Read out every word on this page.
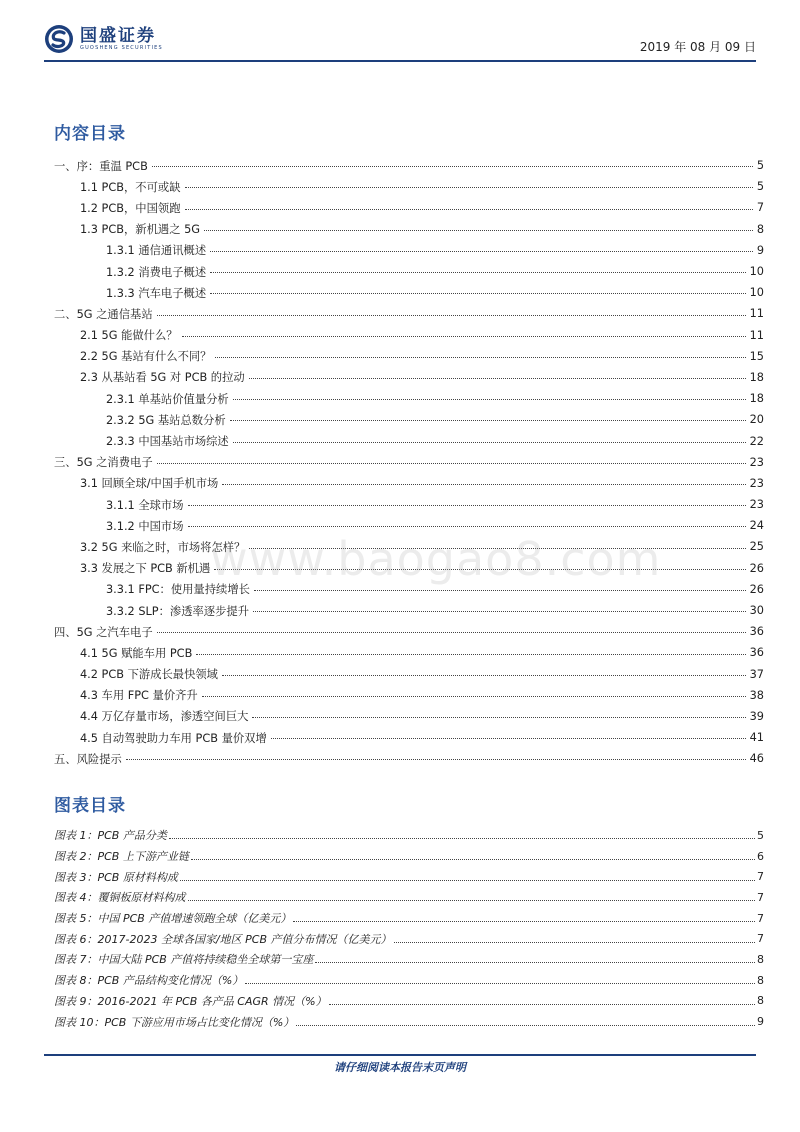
国盛证券
GUOSHENG SECURITIES	2019 年 08 月 09 日
内容目录
一、序：重温 PCB	5
1.1 PCB，不可或缺	5
1.2 PCB，中国领跑	7
1.3 PCB，新机遇之 5G	8
1.3.1 通信通讯概述	9
1.3.2 消费电子概述	10
1.3.3 汽车电子概述	10
二、5G 之通信基站	11
2.1 5G 能做什么？	11
2.2 5G 基站有什么不同？	15
2.3 从基站看 5G 对 PCB 的拉动	18
2.3.1 单基站价值量分析	18
2.3.2 5G 基站总数分析	20
2.3.3 中国基站市场综述	22
三、5G 之消费电子	23
3.1 回顾全球/中国手机市场	23
3.1.1 全球市场	23
3.1.2 中国市场	24
3.2 5G 来临之时，市场将怎样？	25
3.3 发展之下 PCB 新机遇	26
3.3.1 FPC：使用量持续增长	26
3.3.2 SLP：渗透率逐步提升	30
四、5G 之汽车电子	36
4.1 5G 赋能车用 PCB	36
4.2 PCB 下游成长最快领域	37
4.3 车用 FPC 量价齐升	38
4.4 万亿存量市场，渗透空间巨大	39
4.5 自动驾驶助力车用 PCB 量价双增	41
五、风险提示	46
图表目录
图表 1：PCB 产品分类	5
图表 2：PCB 上下游产业链	6
图表 3：PCB 原材料构成	7
图表 4：覆铜板原材料构成	7
图表 5：中国 PCB 产值增速领跑全球（亿美元）	7
图表 6：2017-2023 全球各国家/地区 PCB 产值分布情况（亿美元）	7
图表 7：中国大陆 PCB 产值将持续稳坐全球第一宝座	8
图表 8：PCB 产品结构变化情况（%）	8
图表 9：2016-2021 年 PCB 各产品 CAGR 情况（%）	8
图表 10：PCB 下游应用市场占比变化情况（%）	9
www.baogao8.com
请仔细阅读本报告末页声明
